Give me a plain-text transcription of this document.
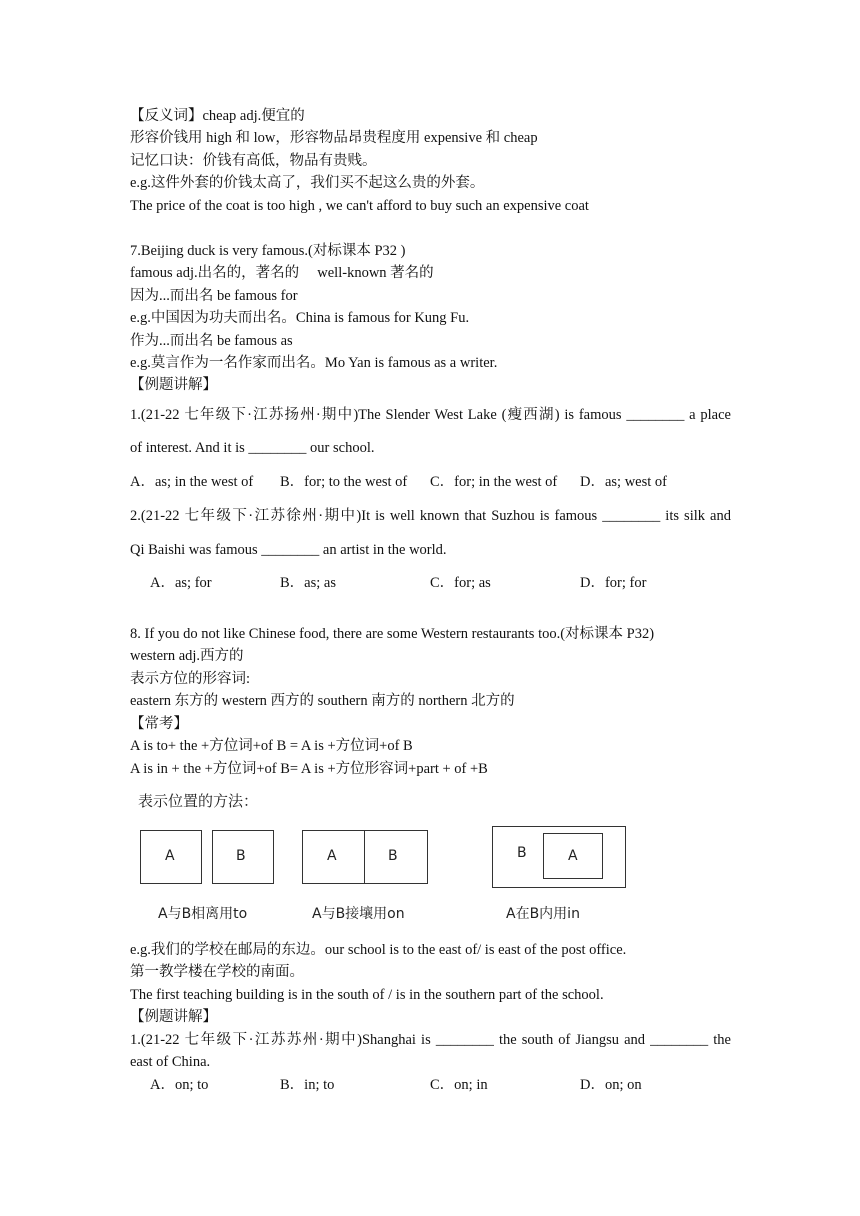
【反义词】cheap adj.便宜的
形容价钱用 high 和 low，形容物品昂贵程度用 expensive 和 cheap
记忆口诀：价钱有高低，物品有贵贱。
e.g.这件外套的价钱太高了，我们买不起这么贵的外套。
The price of the coat is too high , we can't afford to buy such an expensive coat
7.Beijing duck is very famous.(对标课本 P32 )
famous adj.出名的，著名的　 well-known 著名的
因为...而出名 be famous for
e.g.中国因为功夫而出名。China is famous for Kung Fu.
作为...而出名 be famous as
e.g.莫言作为一名作家而出名。Mo Yan is famous as a writer.
【例题讲解】
1.(21-22 七年级下·江苏扬州·期中)The Slender West Lake (瘦西湖) is famous ________ a place
of interest. And it is ________ our school.
A．as; in the west of B．for; to the west of C．for; in the west of D．as; west of
2.(21-22 七年级下·江苏徐州·期中)It is well known that Suzhou is famous ________ its silk and
Qi Baishi was famous ________ an artist in the world.
A．as; for	B．as; as	C．for; as	D．for; for
8. If you do not like Chinese food, there are some Western restaurants too.(对标课本 P32)
western adj.西方的
表示方位的形容词:
eastern 东方的 western 西方的 southern 南方的 northern 北方的
【常考】
A is to+ the +方位词+of B = A is +方位词+of B
A is in + the +方位词+of B= A is +方位形容词+part + of +B
表示位置的方法：
A	B	A	B	B	A
A与B相离用to	A与B接壤用on	A在B内用in
e.g.我们的学校在邮局的东边。our school is to the east of/ is east of the post office.
第一教学楼在学校的南面。
The first teaching building is in the south of / is in the southern part of the school.
【例题讲解】
1.(21-22 七年级下·江苏苏州·期中)Shanghai is ________ the south of Jiangsu and ________ the
east of China.
A．on; to	B．in; to	C．on; in	D．on; on
